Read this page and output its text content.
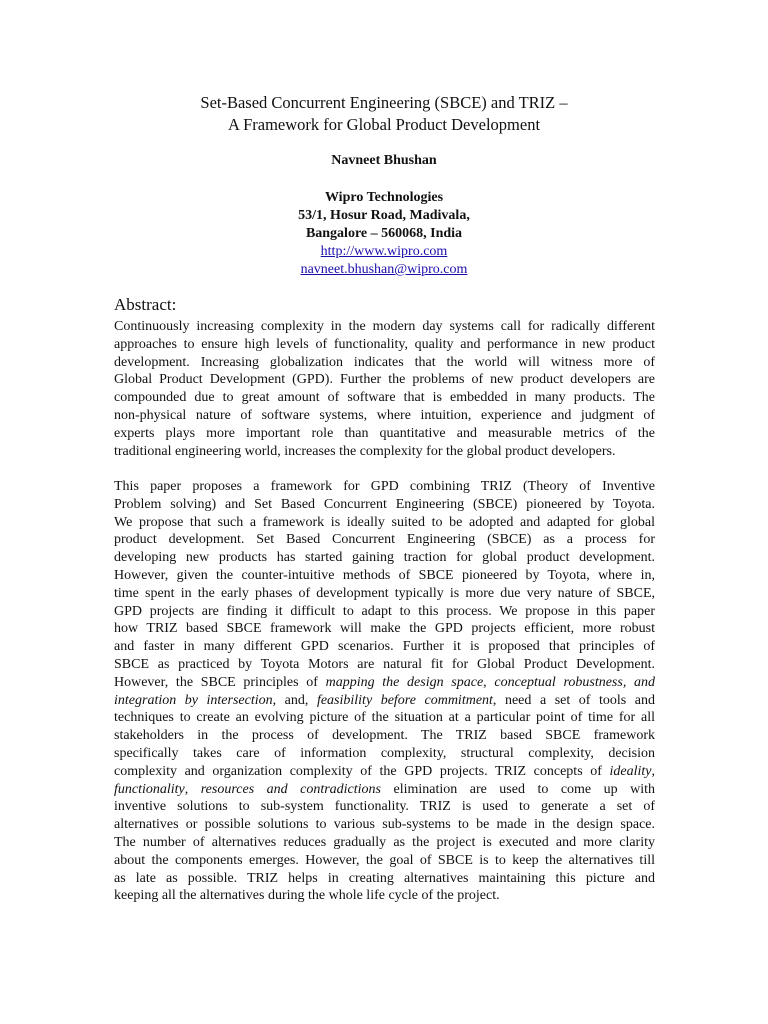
Set-Based Concurrent Engineering (SBCE) and TRIZ –
A Framework for Global Product Development
Navneet Bhushan
Wipro Technologies
53/1, Hosur Road, Madivala,
Bangalore – 560068, India
http://www.wipro.com
navneet.bhushan@wipro.com
Abstract:
Continuously increasing complexity in the modern day systems call for radically different
approaches to ensure high levels of functionality, quality and performance in new product
development. Increasing globalization indicates that the world will witness more of
Global Product Development (GPD). Further the problems of new product developers are
compounded due to great amount of software that is embedded in many products. The
non-physical nature of software systems, where intuition, experience and judgment of
experts plays more important role than quantitative and measurable metrics of the
traditional engineering world, increases the complexity for the global product developers.
This paper proposes a framework for GPD combining TRIZ (Theory of Inventive
Problem solving) and Set Based Concurrent Engineering (SBCE) pioneered by Toyota.
We propose that such a framework is ideally suited to be adopted and adapted for global
product development. Set Based Concurrent Engineering (SBCE) as a process for
developing new products has started gaining traction for global product development.
However, given the counter-intuitive methods of SBCE pioneered by Toyota, where in,
time spent in the early phases of development typically is more due very nature of SBCE,
GPD projects are finding it difficult to adapt to this process. We propose in this paper
how TRIZ based SBCE framework will make the GPD projects efficient, more robust
and faster in many different GPD scenarios. Further it is proposed that principles of
SBCE as practiced by Toyota Motors are natural fit for Global Product Development.
However, the SBCE principles of mapping the design space, conceptual robustness, and
integration by intersection, and, feasibility before commitment, need a set of tools and
techniques to create an evolving picture of the situation at a particular point of time for all
stakeholders in the process of development. The TRIZ based SBCE framework
specifically takes care of information complexity, structural complexity, decision
complexity and organization complexity of the GPD projects. TRIZ concepts of ideality,
functionality, resources and contradictions elimination are used to come up with
inventive solutions to sub-system functionality. TRIZ is used to generate a set of
alternatives or possible solutions to various sub-systems to be made in the design space.
The number of alternatives reduces gradually as the project is executed and more clarity
about the components emerges. However, the goal of SBCE is to keep the alternatives till
as late as possible. TRIZ helps in creating alternatives maintaining this picture and
keeping all the alternatives during the whole life cycle of the project.
